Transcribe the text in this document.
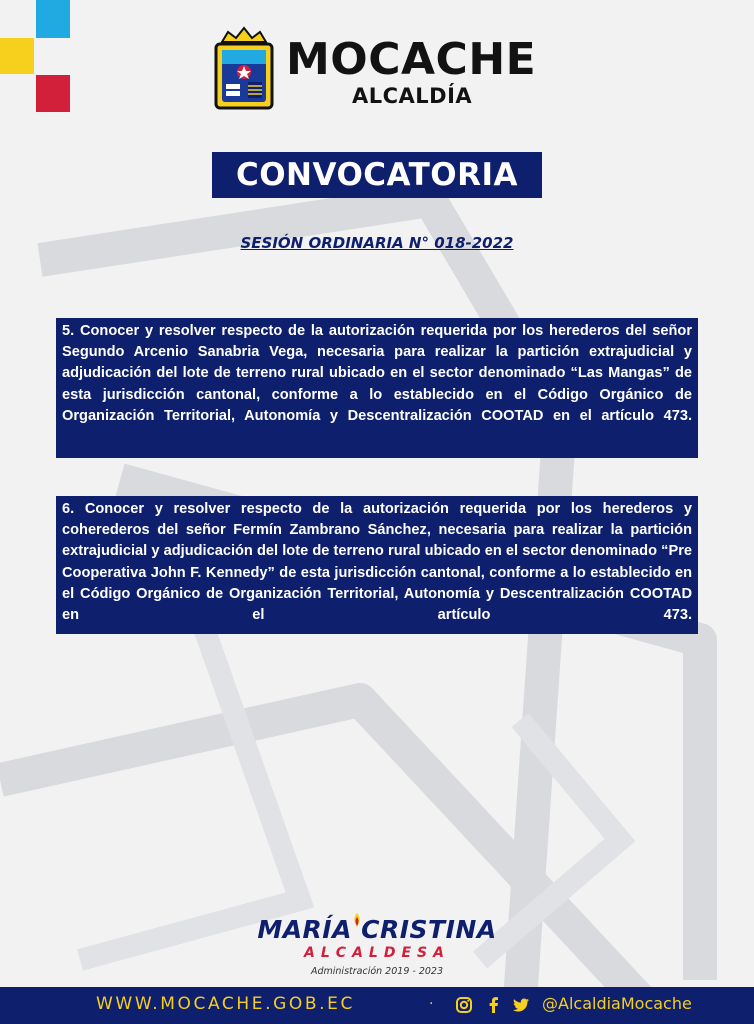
MOCACHE
ALCALDÍA
CONVOCATORIA
SESIÓN ORDINARIA N° 018-2022
5. Conocer y resolver respecto de la autorización requerida por los herederos del señor Segundo Arcenio Sanabria Vega, necesaria para realizar la partición extrajudicial y adjudicación del lote de terreno rural ubicado en el sector denominado “Las Mangas” de esta jurisdicción cantonal, conforme a lo establecido en el Código Orgánico de Organización Territorial, Autonomía y Descentralización COOTAD en el artículo 473.
6. Conocer y resolver respecto de la autorización requerida por los herederos y coherederos del señor Fermín Zambrano Sánchez, necesaria para realizar la partición extrajudicial y adjudicación del lote de terreno rural ubicado en el sector denominado “Pre Cooperativa John F. Kennedy” de esta jurisdicción cantonal, conforme a lo establecido en el Código Orgánico de Organización Territorial, Autonomía y Descentralización COOTAD en el artículo 473.
MARÍA CRISTINA
ALCALDESA
Administración 2019 - 2023
WWW.MOCACHE.GOB.EC	·	@AlcaldiaMocache
